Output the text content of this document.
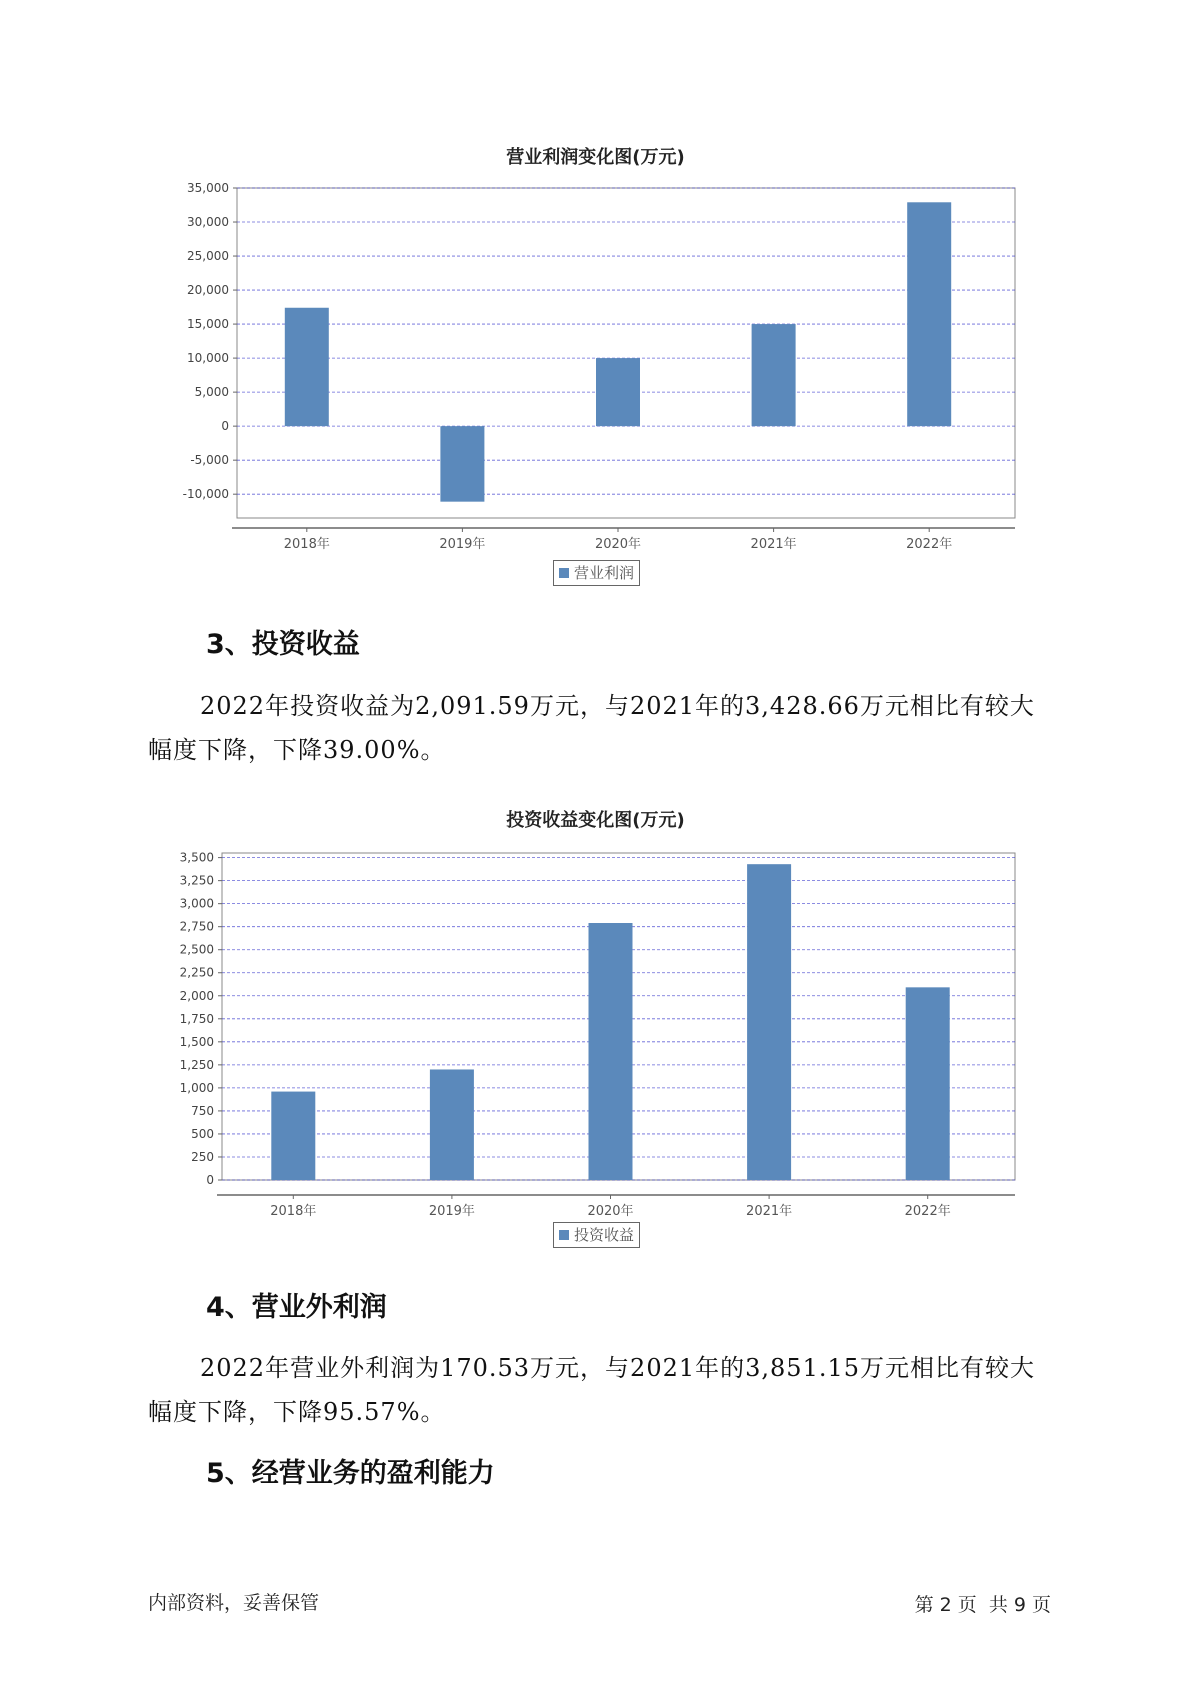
营业利润变化图(万元)
-10,000
-5,000
0
5,000
10,000
15,000
20,000
25,000
30,000
35,000
2018年	2019年	2020年	2021年	2022年
营业利润
3、投资收益
2022年投资收益为2,091.59万元，与2021年的3,428.66万元相比有较大幅度下降，下降39.00%。
投资收益变化图(万元)
0
250
500
750
1,000
1,250
1,500
1,750
2,000
2,250
2,500
2,750
3,000
3,250
3,500
2018年	2019年	2020年	2021年	2022年
投资收益
4、营业外利润
2022年营业外利润为170.53万元，与2021年的3,851.15万元相比有较大幅度下降，下降95.57%。
5、经营业务的盈利能力
内部资料，妥善保管	第 2 页  共 9 页
